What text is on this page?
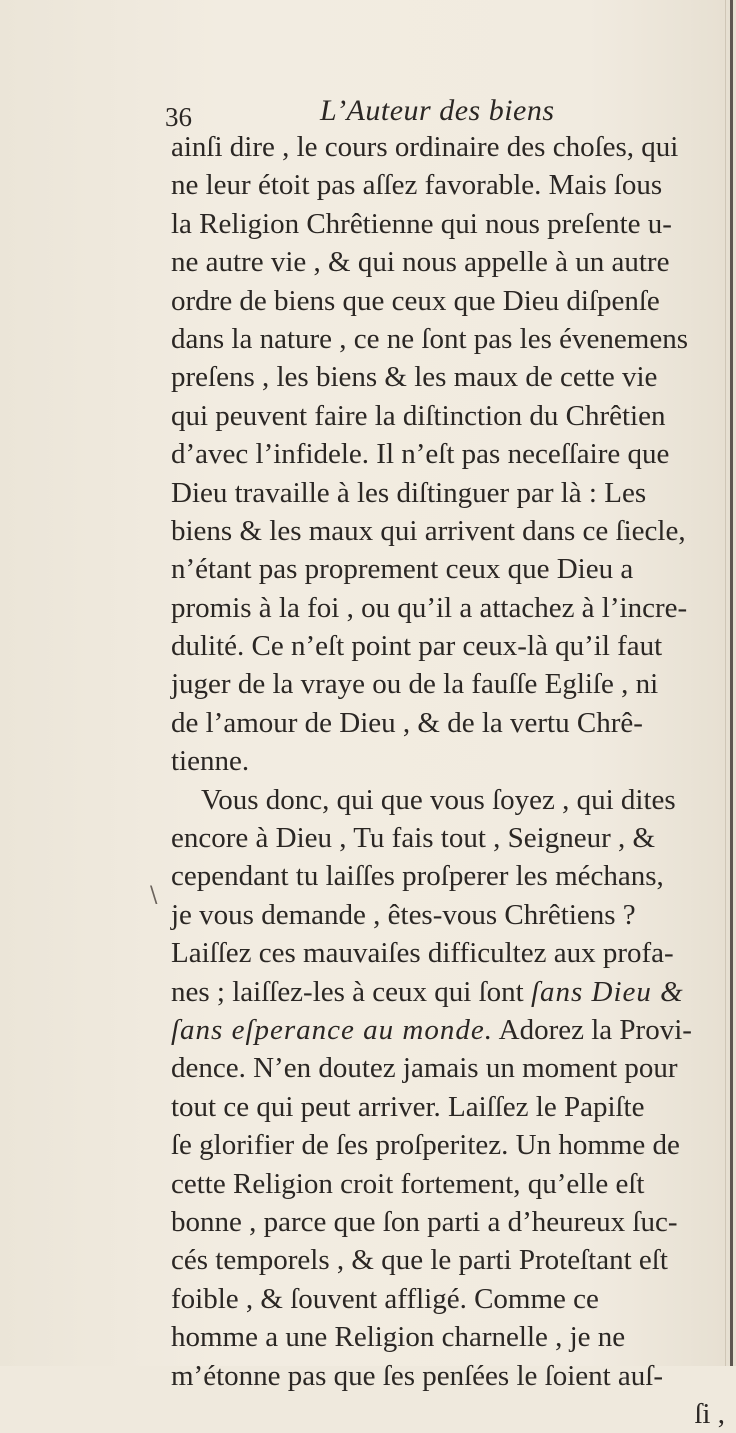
36	L’Auteur des biens
\
ainſi dire , le cours ordinaire des choſes, qui
ne leur étoit pas aſſez favorable. Mais ſous
la Religion Chrêtienne qui nous preſente u-
ne autre vie , & qui nous appelle à un autre
ordre de biens que ceux que Dieu diſpenſe
dans la nature , ce ne ſont pas les évenemens
preſens , les biens & les maux de cette vie
qui peuvent faire la diſtinction du Chrêtien
d’avec l’infidele. Il n’eſt pas neceſſaire que
Dieu travaille à les diſtinguer par là : Les
biens & les maux qui arrivent dans ce ſiecle,
n’étant pas proprement ceux que Dieu a
promis à la foi , ou qu’il a attachez à l’incre-
dulité. Ce n’eſt point par ceux-là qu’il faut
juger de la vraye ou de la fauſſe Egliſe , ni
de l’amour de Dieu , & de la vertu Chrê-
tienne.
Vous donc, qui que vous ſoyez , qui dites
encore à Dieu , Tu fais tout , Seigneur , &
cependant tu laiſſes proſperer les méchans,
je vous demande , êtes-vous Chrêtiens ?
Laiſſez ces mauvaiſes difficultez aux profa-
nes ; laiſſez-les à ceux qui ſont ſans Dieu &
ſans eſperance au monde. Adorez la Provi-
dence. N’en doutez jamais un moment pour
tout ce qui peut arriver. Laiſſez le Papiſte
ſe glorifier de ſes proſperitez. Un homme de
cette Religion croit fortement, qu’elle eſt
bonne , parce que ſon parti a d’heureux ſuc-
cés temporels , & que le parti Proteſtant eſt
foible , & ſouvent affligé. Comme ce
homme a une Religion charnelle , je ne
m’étonne pas que ſes penſées le ſoient auſ-
ſi ,
